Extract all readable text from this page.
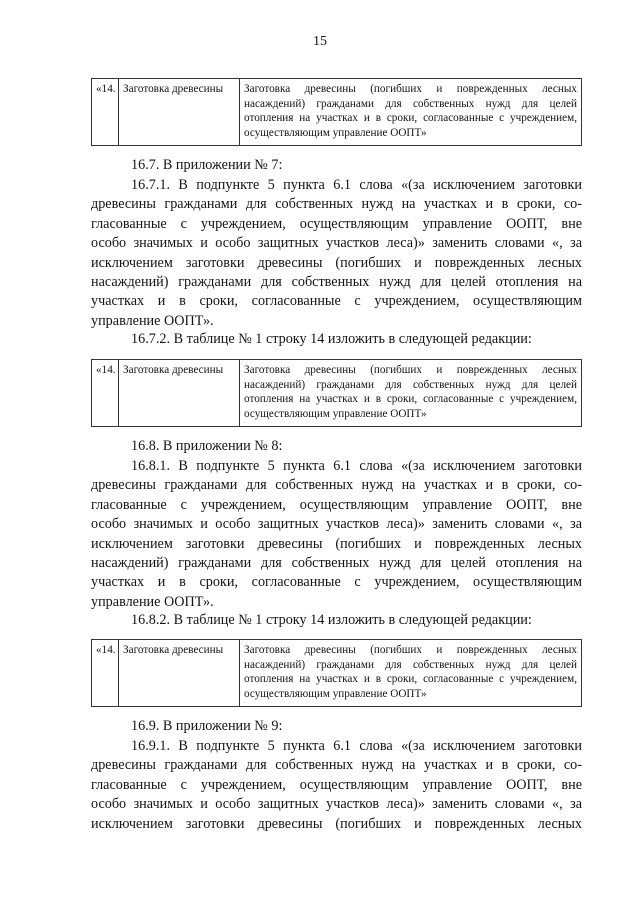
15
«14.	Заготовка древесины	Заготовка древесины (погибших и поврежденных лесных насаждений) гражданами для собственных нужд для целей отопления на участках и в сроки, согласованные с учреждением, осуществляющим управление ООПТ»

16.7. В приложении № 7:

16.7.1. В подпункте 5 пункта 6.1 слова «(за исключением заготовки
древесины гражданами для собственных нужд на участках и в сроки, со-
гласованные с учреждением, осуществляющим управление ООПТ, вне
особо значимых и особо защитных участков леса)» заменить словами «, за
исключением заготовки древесины (погибших и поврежденных лесных
насаждений) гражданами для собственных нужд для целей отопления на
участках и в сроки, согласованные с учреждением, осуществляющим
управление ООПТ».

16.7.2. В таблице № 1 строку 14 изложить в следующей редакции:

«14.	Заготовка древесины	Заготовка древесины (погибших и поврежденных лесных насаждений) гражданами для собственных нужд для целей отопления на участках и в сроки, согласованные с учреждением, осуществляющим управление ООПТ»

16.8. В приложении № 8:

16.8.1. В подпункте 5 пункта 6.1 слова «(за исключением заготовки
древесины гражданами для собственных нужд на участках и в сроки, со-
гласованные с учреждением, осуществляющим управление ООПТ, вне
особо значимых и особо защитных участков леса)» заменить словами «, за
исключением заготовки древесины (погибших и поврежденных лесных
насаждений) гражданами для собственных нужд для целей отопления на
участках и в сроки, согласованные с учреждением, осуществляющим
управление ООПТ».

16.8.2. В таблице № 1 строку 14 изложить в следующей редакции:

«14.	Заготовка древесины	Заготовка древесины (погибших и поврежденных лесных насаждений) гражданами для собственных нужд для целей отопления на участках и в сроки, согласованные с учреждением, осуществляющим управление ООПТ»

16.9. В приложении № 9:

16.9.1. В подпункте 5 пункта 6.1 слова «(за исключением заготовки
древесины гражданами для собственных нужд на участках и в сроки, со-
гласованные с учреждением, осуществляющим управление ООПТ, вне
особо значимых и особо защитных участков леса)» заменить словами «, за
исключением заготовки древесины (погибших и поврежденных лесных
